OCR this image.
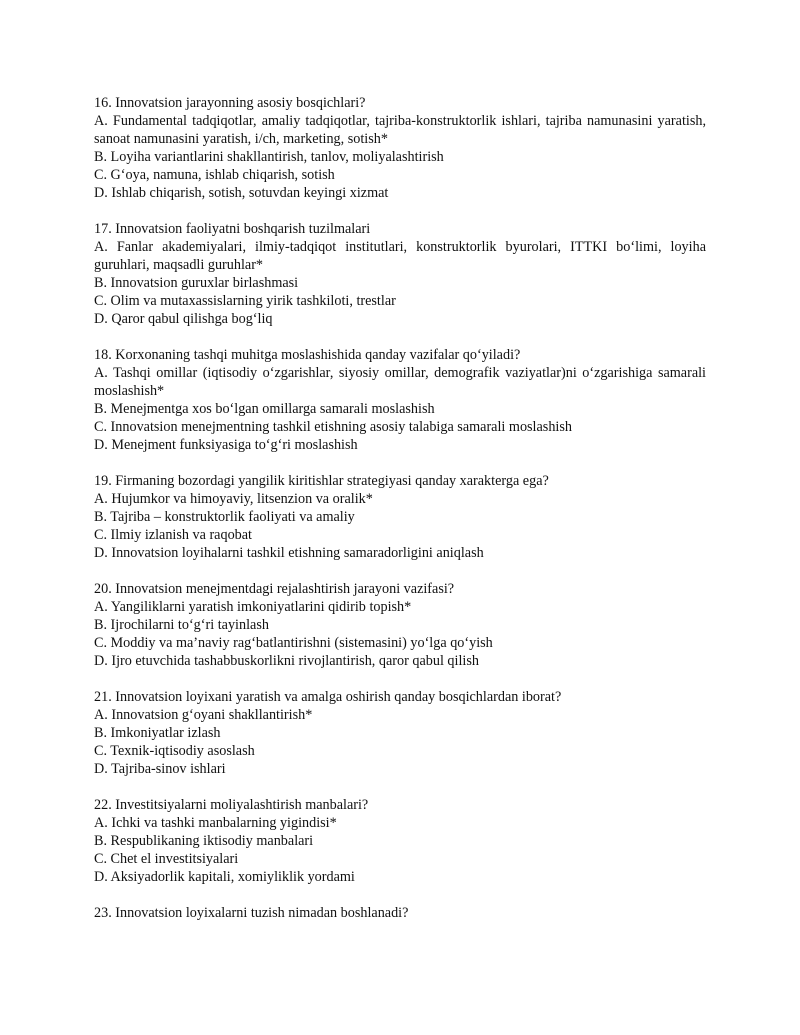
16. Innovatsion jarayonning asosiy bosqichlari?
A. Fundamental tadqiqotlar, amaliy tadqiqotlar, tajriba-konstruktorlik ishlari, tajriba namunasini yaratish, sanoat namunasini yaratish, i/ch, marketing, sotish*
B. Loyiha variantlarini shakllantirish, tanlov, moliyalashtirish
C. G‘oya, namuna, ishlab chiqarish, sotish
D. Ishlab chiqarish, sotish, sotuvdan keyingi xizmat
17. Innovatsion faoliyatni boshqarish tuzilmalari
A. Fanlar akademiyalari, ilmiy-tadqiqot institutlari, konstruktorlik byurolari, ITTKI bo‘limi, loyiha guruhlari, maqsadli guruhlar*
B. Innovatsion guruxlar birlashmasi
C. Olim va mutaxassislarning yirik tashkiloti, trestlar
D. Qaror qabul qilishga bog‘liq
18. Korxonaning tashqi muhitga moslashishida qanday vazifalar qo‘yiladi?
A. Tashqi omillar (iqtisodiy o‘zgarishlar, siyosiy omillar, demografik vaziyatlar)ni o‘zgarishiga samarali moslashish*
B. Menejmentga xos bo‘lgan omillarga samarali moslashish
C. Innovatsion menejmentning tashkil etishning asosiy talabiga samarali moslashish
D. Menejment funksiyasiga to‘g‘ri moslashish
19. Firmaning bozordagi yangilik kiritishlar strategiyasi qanday xarakterga ega?
A. Hujumkor va himoyaviy, litsenzion va oralik*
B. Tajriba – konstruktorlik faoliyati va amaliy
C. Ilmiy izlanish va raqobat
D. Innovatsion loyihalarni tashkil etishning samaradorligini aniqlash
20. Innovatsion menejmentdagi rejalashtirish jarayoni vazifasi?
A. Yangiliklarni yaratish imkoniyatlarini qidirib topish*
B. Ijrochilarni to‘g‘ri tayinlash
C. Moddiy va ma’naviy rag‘batlantirishni (sistemasini) yo‘lga qo‘yish
D. Ijro etuvchida tashabbuskorlikni rivojlantirish, qaror qabul qilish
21. Innovatsion loyixani yaratish va amalga oshirish qanday bosqichlardan iborat?
A. Innovatsion g‘oyani shakllantirish*
B. Imkoniyatlar izlash
C. Texnik-iqtisodiy asoslash
D. Tajriba-sinov ishlari
22. Investitsiyalarni moliyalashtirish manbalari?
A. Ichki va tashki manbalarning yigindisi*
B. Respublikaning iktisodiy manbalari
C. Chet el investitsiyalari
D. Aksiyadorlik kapitali, xomiyliklik yordami
23. Innovatsion loyixalarni tuzish nimadan boshlanadi?
